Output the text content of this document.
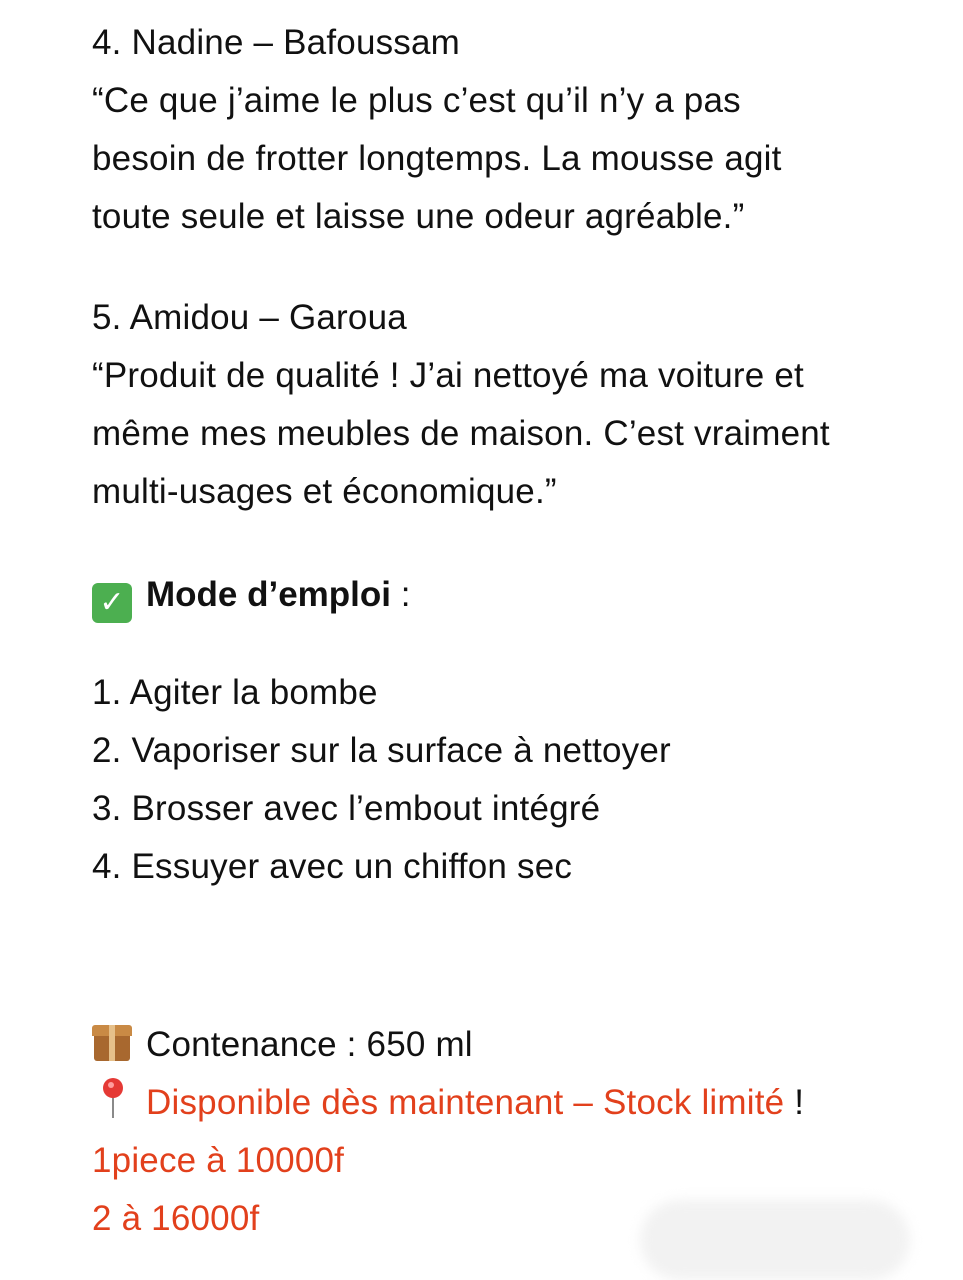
4. Nadine – Bafoussam
“Ce que j’aime le plus c’est qu’il n’y a pas
besoin de frotter longtemps. La mousse agit
toute seule et laisse une odeur agréable.”
5. Amidou – Garoua
“Produit de qualité ! J’ai nettoyé ma voiture et
même mes meubles de maison. C’est vraiment
multi-usages et économique.”
✓ Mode d’emploi :
1. Agiter la bombe
2. Vaporiser sur la surface à nettoyer
3. Brosser avec l’embout intégré
4. Essuyer avec un chiffon sec
Contenance : 650 ml
Disponible dès maintenant – Stock limité !
1piece à 10000f
2 à 16000f
